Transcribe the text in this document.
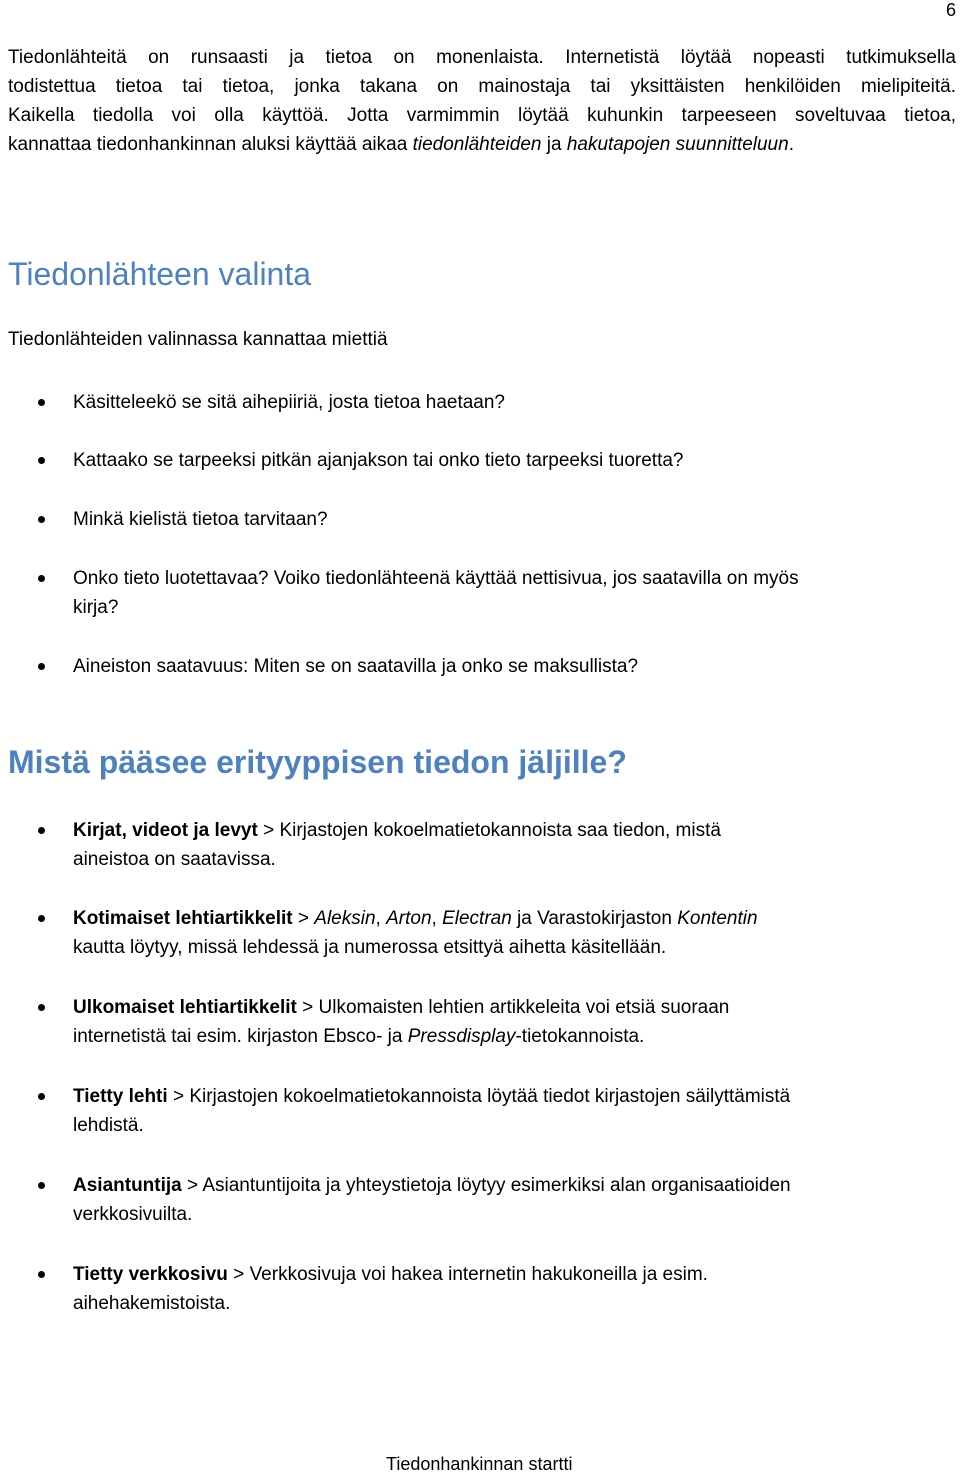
6

Tiedonlähteitä on runsaasti ja tietoa on monenlaista. Internetistä löytää nopeasti tutkimuksella
todistettua tietoa tai tietoa, jonka takana on mainostaja tai yksittäisten henkilöiden mielipiteitä.
Kaikella tiedolla voi olla käyttöä. Jotta varmimmin löytää kuhunkin tarpeeseen soveltuvaa tietoa,
kannattaa tiedonhankinnan aluksi käyttää aikaa tiedonlähteiden ja hakutapojen suunnitteluun.

Tiedonlähteen valinta

Tiedonlähteiden valinnassa kannattaa miettiä

Käsitteleekö se sitä aihepiiriä, josta tietoa haetaan?
Kattaako se tarpeeksi pitkän ajanjakson tai onko tieto tarpeeksi tuoretta?
Minkä kielistä tietoa tarvitaan?
Onko tieto luotettavaa? Voiko tiedonlähteenä käyttää nettisivua, jos saatavilla on myös
kirja?
Aineiston saatavuus: Miten se on saatavilla ja onko se maksullista?
Mistä pääsee erityyppisen tiedon jäljille?
Kirjat, videot ja levyt > Kirjastojen kokoelmatietokannoista saa tiedon, mistä
aineistoa on saatavissa.
Kotimaiset lehtiartikkelit > Aleksin, Arton, Electran ja Varastokirjaston Kontentin
kautta löytyy, missä lehdessä ja numerossa etsittyä aihetta käsitellään.
Ulkomaiset lehtiartikkelit > Ulkomaisten lehtien artikkeleita voi etsiä suoraan
internetistä tai esim. kirjaston Ebsco- ja Pressdisplay-tietokannoista.
Tietty lehti > Kirjastojen kokoelmatietokannoista löytää tiedot kirjastojen säilyttämistä
lehdistä.
Asiantuntija > Asiantuntijoita ja yhteystietoja löytyy esimerkiksi alan organisaatioiden
verkkosivuilta.
Tietty verkkosivu > Verkkosivuja voi hakea internetin hakukoneilla ja esim.
aihehakemistoista.
Tiedonhankinnan startti
